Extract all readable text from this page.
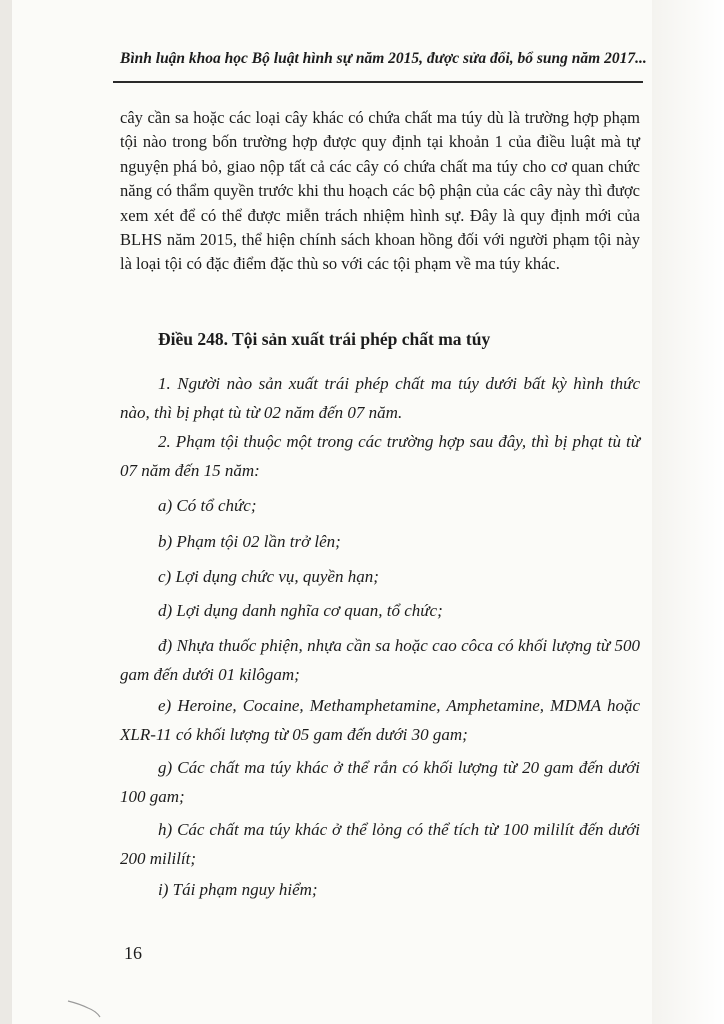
Bình luận khoa học Bộ luật hình sự năm 2015, được sửa đổi, bổ sung năm 2017...

cây cần sa hoặc các loại cây khác có chứa chất ma túy dù là trường hợp phạm tội nào trong bốn trường hợp được quy định tại khoản 1 của điều luật mà tự nguyện phá bỏ, giao nộp tất cả các cây có chứa chất ma túy cho cơ quan chức năng có thẩm quyền trước khi thu hoạch các bộ phận của các cây này thì được xem xét để có thể được miễn trách nhiệm hình sự. Đây là quy định mới của BLHS năm 2015, thể hiện chính sách khoan hồng đối với người phạm tội này là loại tội có đặc điểm đặc thù so với các tội phạm về ma túy khác.

Điều 248. Tội sản xuất trái phép chất ma túy

1. Người nào sản xuất trái phép chất ma túy dưới bất kỳ hình thức nào, thì bị phạt tù từ 02 năm đến 07 năm.

2. Phạm tội thuộc một trong các trường hợp sau đây, thì bị phạt tù từ 07 năm đến 15 năm:

a) Có tổ chức;

b) Phạm tội 02 lần trở lên;

c) Lợi dụng chức vụ, quyền hạn;

d) Lợi dụng danh nghĩa cơ quan, tổ chức;

đ) Nhựa thuốc phiện, nhựa cần sa hoặc cao côca có khối lượng từ 500 gam đến dưới 01 kilôgam;

e) Heroine, Cocaine, Methamphetamine, Amphetamine, MDMA hoặc XLR-11 có khối lượng từ 05 gam đến dưới 30 gam;

g) Các chất ma túy khác ở thể rắn có khối lượng từ 20 gam đến dưới 100 gam;

h) Các chất ma túy khác ở thể lỏng có thể tích từ 100 mililít đến dưới 200 mililít;

i) Tái phạm nguy hiểm;

16
